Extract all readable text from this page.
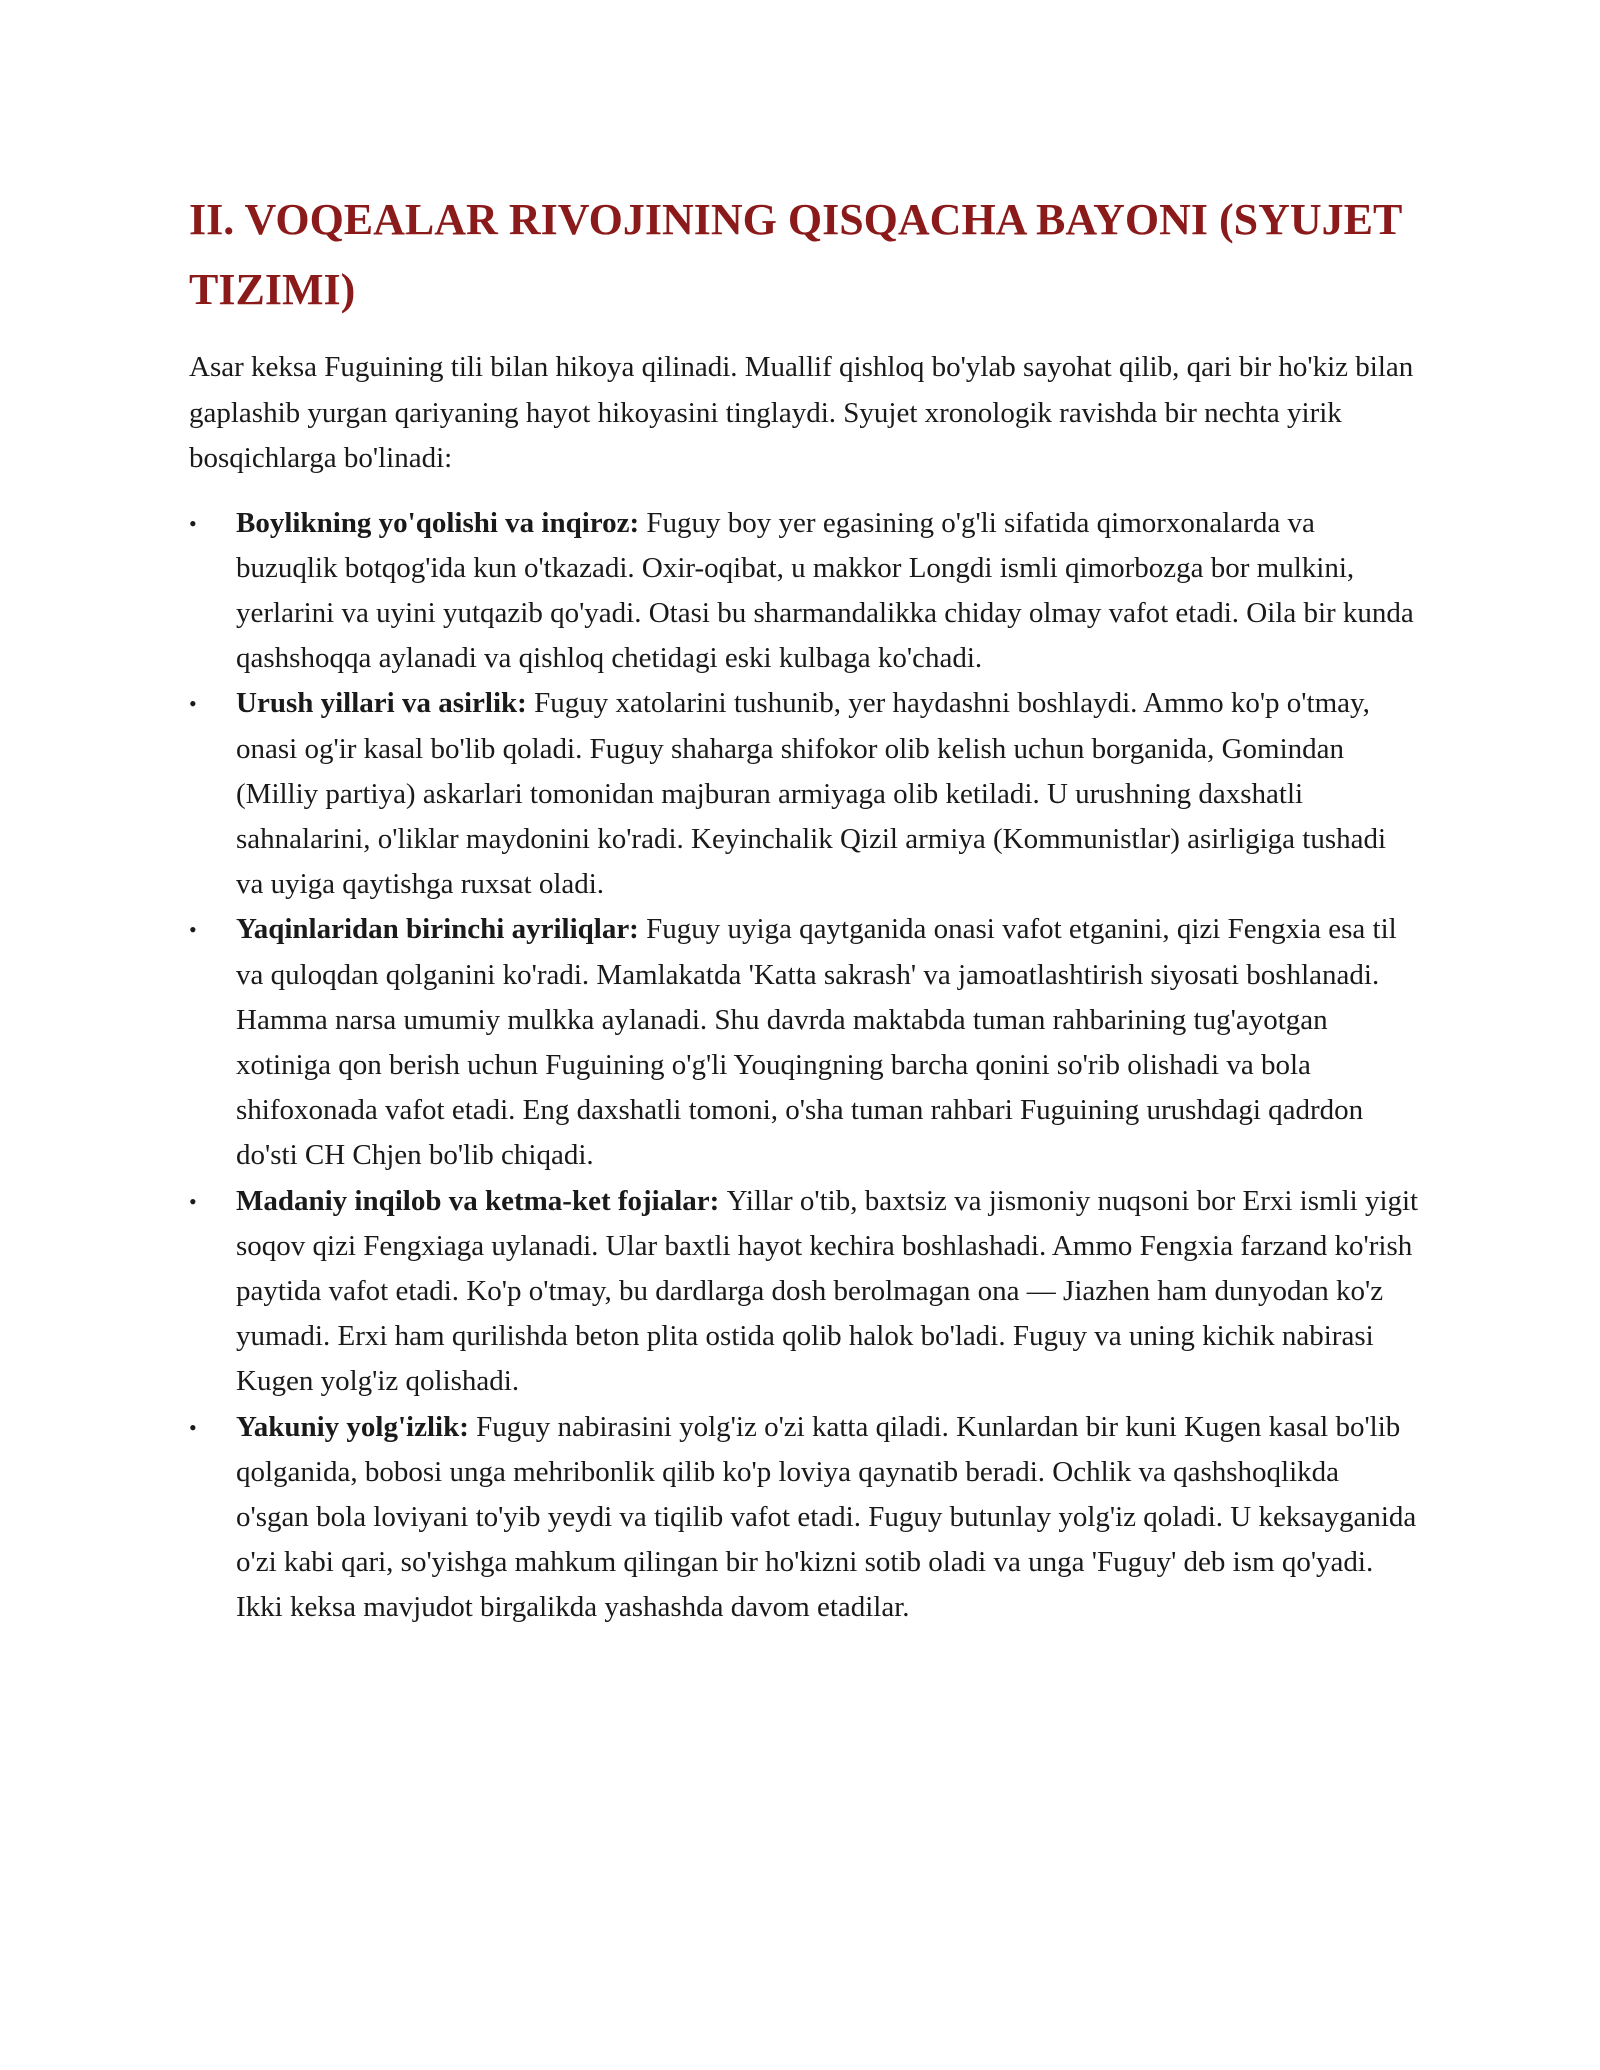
II. VOQEALAR RIVOJINING QISQACHA BAYONI (SYUJET TIZIMI)

Asar keksa Fuguining tili bilan hikoya qilinadi. Muallif qishloq bo'ylab sayohat qilib, qari bir ho'kiz bilan gaplashib yurgan qariyaning hayot hikoyasini tinglaydi. Syujet xronologik ravishda bir nechta yirik bosqichlarga bo'linadi:

•	Boylikning yo'qolishi va inqiroz: Fuguy boy yer egasining o'g'li sifatida qimorxonalarda va buzuqlik botqog'ida kun o'tkazadi. Oxir-oqibat, u makkor Longdi ismli qimorbozga bor mulkini, yerlarini va uyini yutqazib qo'yadi. Otasi bu sharmandalikka chiday olmay vafot etadi. Oila bir kunda qashshoqqa aylanadi va qishloq chetidagi eski kulbaga ko'chadi.
•	Urush yillari va asirlik: Fuguy xatolarini tushunib, yer haydashni boshlaydi. Ammo ko'p o'tmay, onasi og'ir kasal bo'lib qoladi. Fuguy shaharga shifokor olib kelish uchun borganida, Gomindan (Milliy partiya) askarlari tomonidan majburan armiyaga olib ketiladi. U urushning daxshatli sahnalarini, o'liklar maydonini ko'radi. Keyinchalik Qizil armiya (Kommunistlar) asirligiga tushadi va uyiga qaytishga ruxsat oladi.
•	Yaqinlaridan birinchi ayriliqlar: Fuguy uyiga qaytganida onasi vafot etganini, qizi Fengxia esa til va quloqdan qolganini ko'radi. Mamlakatda 'Katta sakrash' va jamoatlashtirish siyosati boshlanadi. Hamma narsa umumiy mulkka aylanadi. Shu davrda maktabda tuman rahbarining tug'ayotgan xotiniga qon berish uchun Fuguining o'g'li Youqingning barcha qonini so'rib olishadi va bola shifoxonada vafot etadi. Eng daxshatli tomoni, o'sha tuman rahbari Fuguining urushdagi qadrdon do'sti CH Chjen bo'lib chiqadi.
•	Madaniy inqilob va ketma-ket fojialar: Yillar o'tib, baxtsiz va jismoniy nuqsoni bor Erxi ismli yigit soqov qizi Fengxiaga uylanadi. Ular baxtli hayot kechira boshlashadi. Ammo Fengxia farzand ko'rish paytida vafot etadi. Ko'p o'tmay, bu dardlarga dosh berolmagan ona — Jiazhen ham dunyodan ko'z yumadi. Erxi ham qurilishda beton plita ostida qolib halok bo'ladi. Fuguy va uning kichik nabirasi Kugen yolg'iz qolishadi.
•	Yakuniy yolg'izlik: Fuguy nabirasini yolg'iz o'zi katta qiladi. Kunlardan bir kuni Kugen kasal bo'lib qolganida, bobosi unga mehribonlik qilib ko'p loviya qaynatib beradi. Ochlik va qashshoqlikda o'sgan bola loviyani to'yib yeydi va tiqilib vafot etadi. Fuguy butunlay yolg'iz qoladi. U keksayganida o'zi kabi qari, so'yishga mahkum qilingan bir ho'kizni sotib oladi va unga 'Fuguy' deb ism qo'yadi. Ikki keksa mavjudot birgalikda yashashda davom etadilar.
